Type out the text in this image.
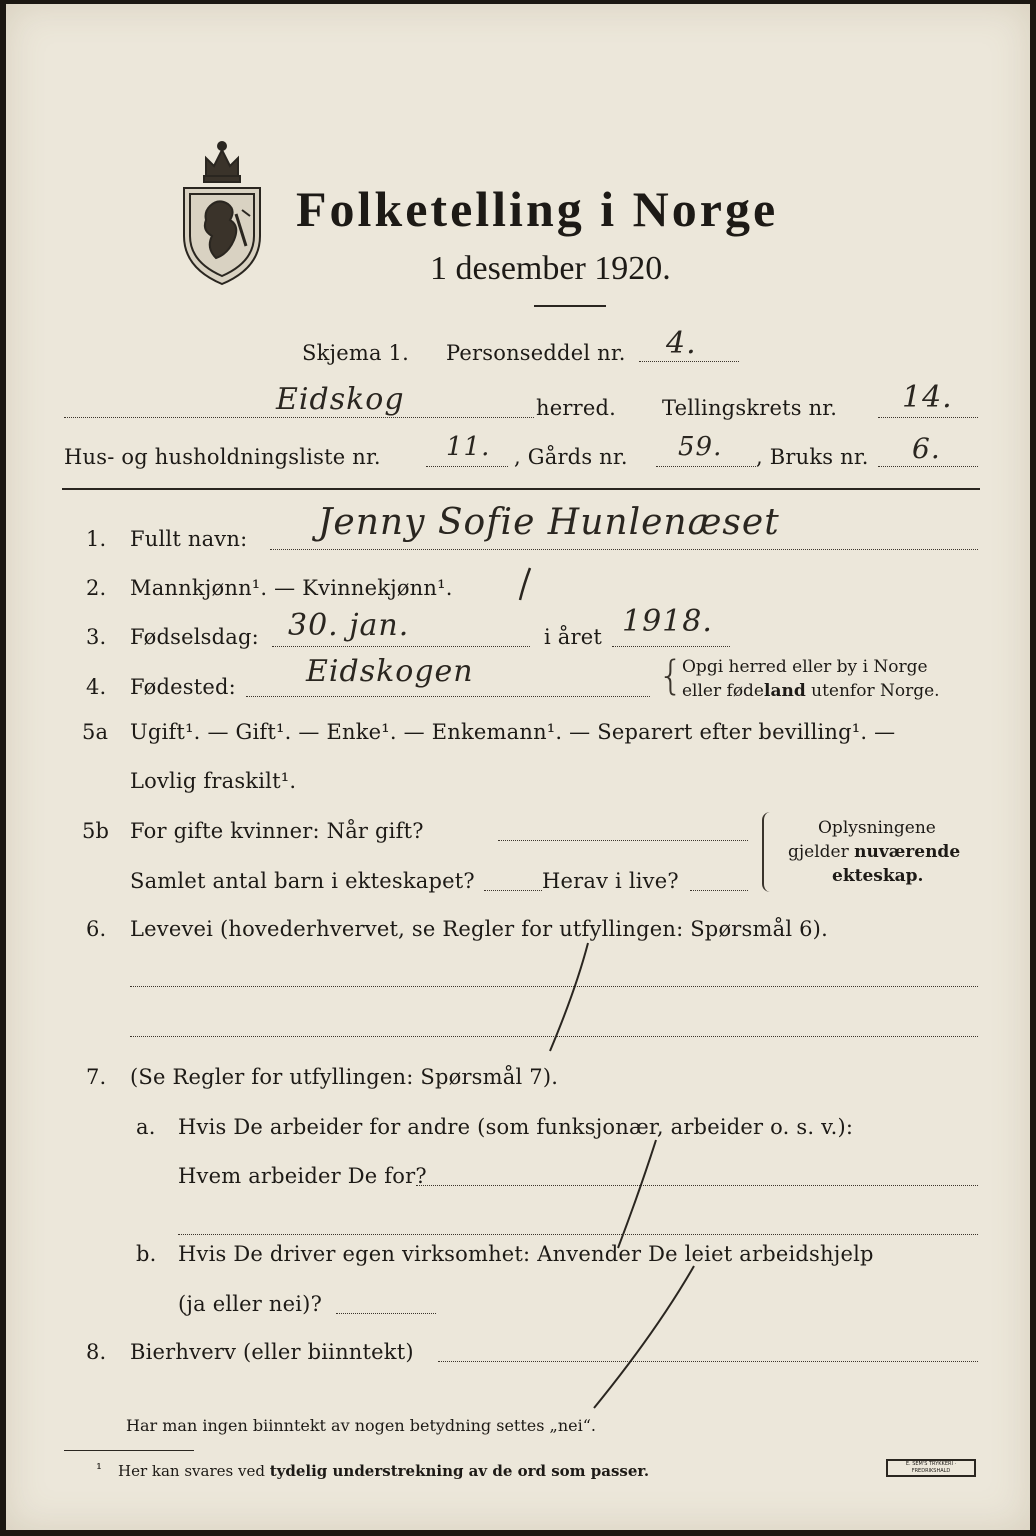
Folketelling i Norge
1 desember 1920.
Skjema 1. Personseddel nr. 4.
Eidskog	herred. Tellingskrets nr. 14.
Hus- og husholdningsliste nr.	11. , Gårds nr. 59. , Bruks nr. 6.
1. Fullt navn: Jenny Sofie Hunlenæset
2. Mannkjønn¹. — Kvinnekjønn¹.
3. Fødselsdag: 30. jan.	i året 1918.
4. Fødested: Eidskogen	{
Opgi herred eller by i Norge
eller fødeland utenfor Norge.
5a Ugift¹. — Gift¹. — Enke¹. — Enkemann¹. — Separert efter bevilling¹. —
Lovlig fraskilt¹.
5b For gifte kvinner: Når gift?
Samlet antal barn i ekteskapet?	Herav i live?
Oplysningene
gjelder nuværende
ekteskap.
6. Levevei (hovederhvervet, se Regler for utfyllingen: Spørsmål 6).
7. (Se Regler for utfyllingen: Spørsmål 7).
a. Hvis De arbeider for andre (som funksjonær, arbeider o. s. v.):
Hvem arbeider De for?
b. Hvis De driver egen virksomhet: Anvender De leiet arbeidshjelp
(ja eller nei)?
8. Bierhverv (eller biinntekt)
Har man ingen biinntekt av nogen betydning settes „nei“.
¹ Her kan svares ved tydelig understrekning av de ord som passer.	E. SEM'S TRYKKERI · FREDRIKSHALD
